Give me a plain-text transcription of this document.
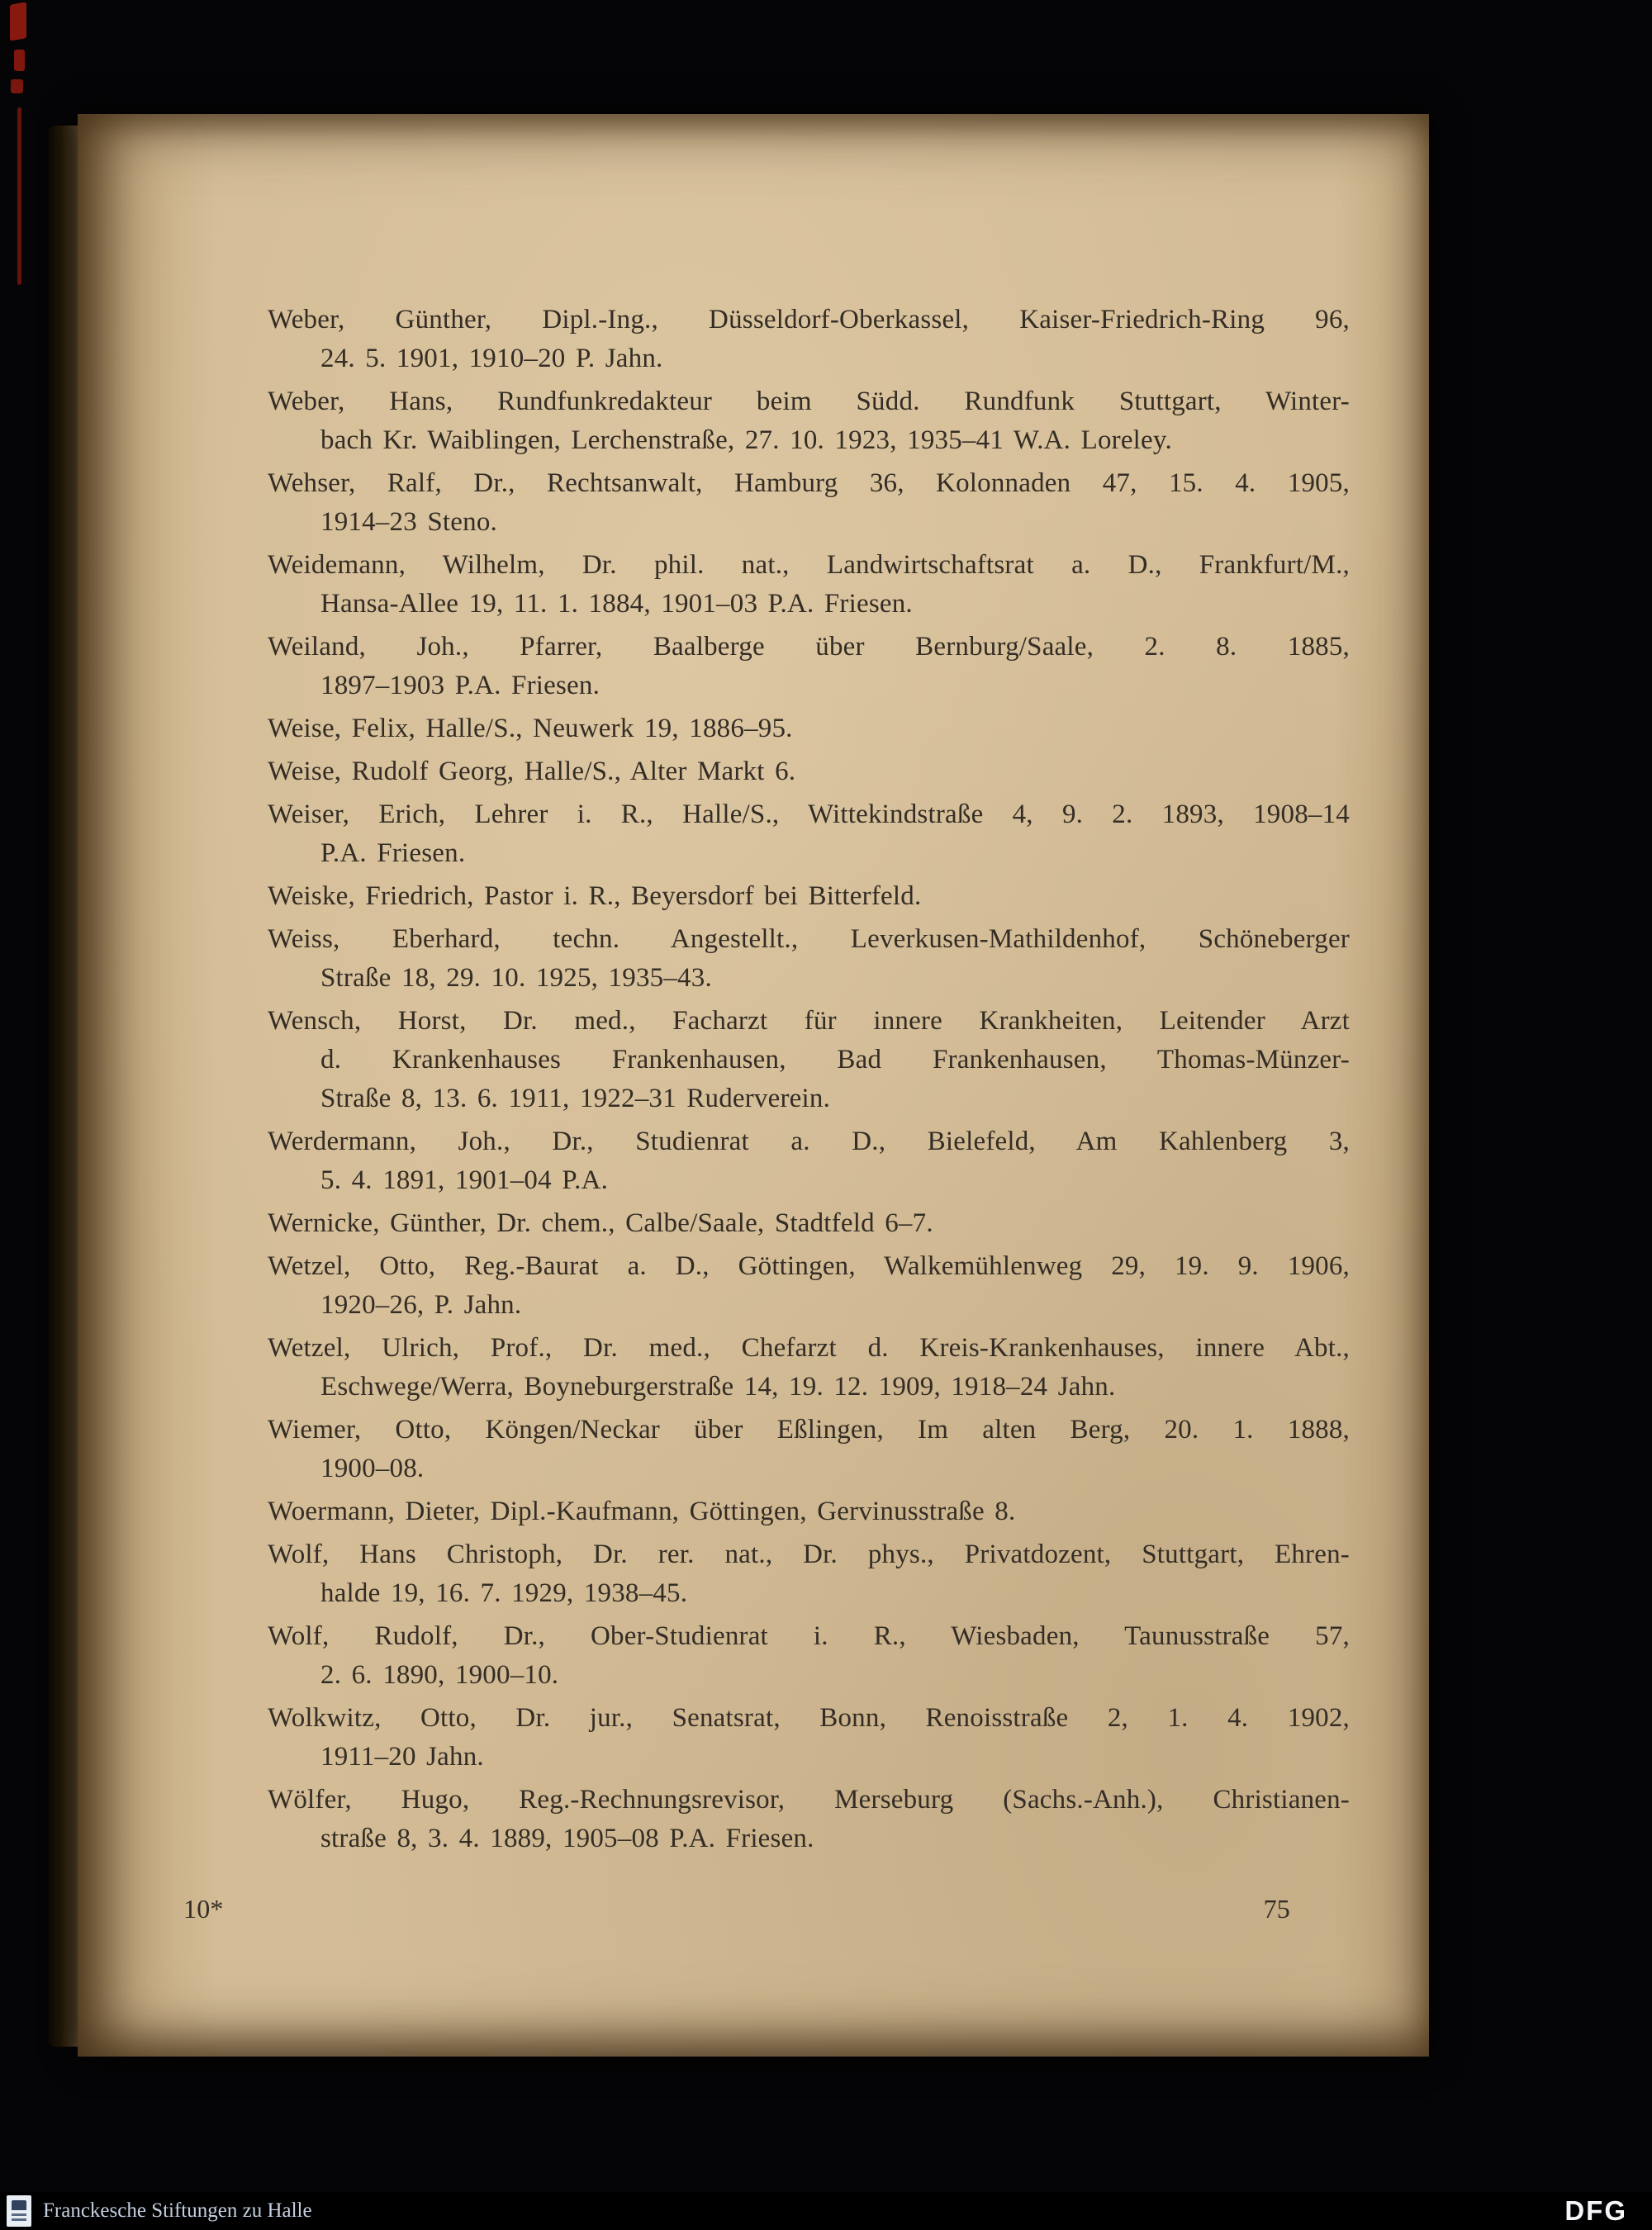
Weber, Günther, Dipl.-Ing., Düsseldorf-Oberkassel, Kaiser-Friedrich-Ring 96,
24. 5. 1901, 1910–20 P. Jahn.
Weber, Hans, Rundfunkredakteur beim Südd. Rundfunk Stuttgart, Winter-
bach Kr. Waiblingen, Lerchenstraße, 27. 10. 1923, 1935–41 W.A. Loreley.
Wehser, Ralf, Dr., Rechtsanwalt, Hamburg 36, Kolonnaden 47, 15. 4. 1905,
1914–23 Steno.
Weidemann, Wilhelm, Dr. phil. nat., Landwirtschaftsrat a. D., Frankfurt/M.,
Hansa-Allee 19, 11. 1. 1884, 1901–03 P.A. Friesen.
Weiland, Joh., Pfarrer, Baalberge über Bernburg/Saale, 2. 8. 1885,
1897–1903 P.A. Friesen.
Weise, Felix, Halle/S., Neuwerk 19, 1886–95.
Weise, Rudolf Georg, Halle/S., Alter Markt 6.
Weiser, Erich, Lehrer i. R., Halle/S., Wittekindstraße 4, 9. 2. 1893, 1908–14
P.A. Friesen.
Weiske, Friedrich, Pastor i. R., Beyersdorf bei Bitterfeld.
Weiss, Eberhard, techn. Angestellt., Leverkusen-Mathildenhof, Schöneberger
Straße 18, 29. 10. 1925, 1935–43.
Wensch, Horst, Dr. med., Facharzt für innere Krankheiten, Leitender Arzt
d. Krankenhauses Frankenhausen, Bad Frankenhausen, Thomas-Münzer-
Straße 8, 13. 6. 1911, 1922–31 Ruderverein.
Werdermann, Joh., Dr., Studienrat a. D., Bielefeld, Am Kahlenberg 3,
5. 4. 1891, 1901–04 P.A.
Wernicke, Günther, Dr. chem., Calbe/Saale, Stadtfeld 6–7.
Wetzel, Otto, Reg.-Baurat a. D., Göttingen, Walkemühlenweg 29, 19. 9. 1906,
1920–26, P. Jahn.
Wetzel, Ulrich, Prof., Dr. med., Chefarzt d. Kreis-Krankenhauses, innere Abt.,
Eschwege/Werra, Boyneburgerstraße 14, 19. 12. 1909, 1918–24 Jahn.
Wiemer, Otto, Köngen/Neckar über Eßlingen, Im alten Berg, 20. 1. 1888,
1900–08.
Woermann, Dieter, Dipl.-Kaufmann, Göttingen, Gervinusstraße 8.
Wolf, Hans Christoph, Dr. rer. nat., Dr. phys., Privatdozent, Stuttgart, Ehren-
halde 19, 16. 7. 1929, 1938–45.
Wolf, Rudolf, Dr., Ober-Studienrat i. R., Wiesbaden, Taunusstraße 57,
2. 6. 1890, 1900–10.
Wolkwitz, Otto, Dr. jur., Senatsrat, Bonn, Renoisstraße 2, 1. 4. 1902,
1911–20 Jahn.
Wölfer, Hugo, Reg.-Rechnungsrevisor, Merseburg (Sachs.-Anh.), Christianen-
straße 8, 3. 4. 1889, 1905–08 P.A. Friesen.
10*	75
Franckesche Stiftungen zu Halle	DFG
